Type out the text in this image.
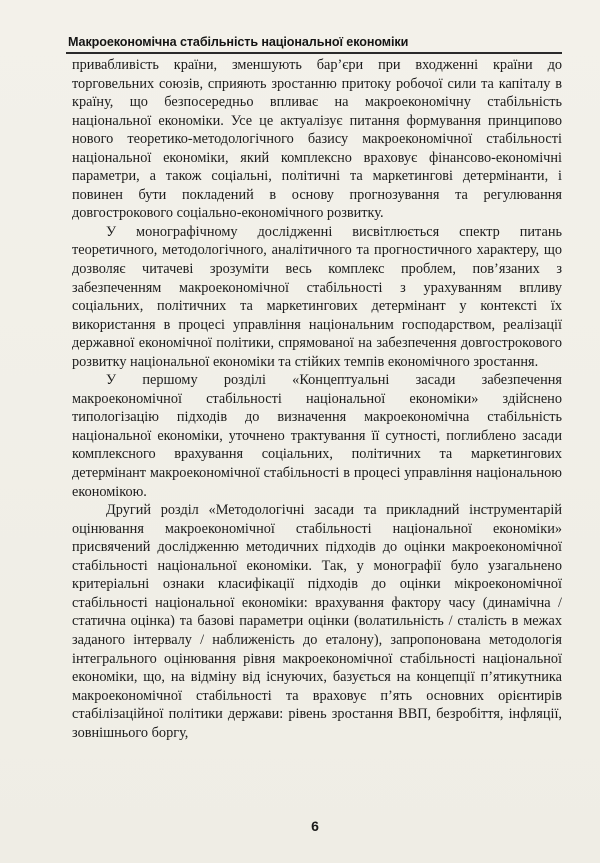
Макроекономічна стабільність національної економіки

привабливість країни, зменшують бар’єри при входженні країни до торговельних союзів, сприяють зростанню притоку робочої сили та капіталу в країну, що безпосередньо впливає на макроекономічну стабільність національної економіки. Усе це актуалізує питання формування принципово нового теоретико-методологічного базису макроекономічної стабільності національної економіки, який комплексно враховує фінансово-економічні параметри, а також соціальні, політичні та маркетингові детермінанти, і повинен бути покладений в основу прогнозування та регулювання довгострокового соціально-економічного розвитку.

У монографічному дослідженні висвітлюється спектр питань теоретичного, методологічного, аналітичного та прогностичного характеру, що дозволяє читачеві зрозуміти весь комплекс проблем, пов’язаних з забезпеченням макроекономічної стабільності з урахуванням впливу соціальних, політичних та маркетингових детермінант у контексті їх використання в процесі управління національним господарством, реалізації державної економічної політики, спрямованої на забезпечення довгострокового розвитку національної економіки та стійких темпів економічного зростання.

У першому розділі «Концептуальні засади забезпечення макроекономічної стабільності національної економіки» здійснено типологізацію підходів до визначення макроекономічна стабільність національної економіки, уточнено трактування її сутності, поглиблено засади комплексного врахування соціальних, політичних та маркетингових детермінант макроекономічної стабільності в процесі управління національною економікою.

Другий розділ «Методологічні засади та прикладний інструментарій оцінювання макроекономічної стабільності національної економіки» присвячений дослідженню методичних підходів до оцінки макроекономічної стабільності національної економіки. Так, у монографії було узагальнено критеріальні ознаки класифікації підходів до оцінки мікроекономічної стабільності національної економіки: врахування фактору часу (динамічна / статична оцінка) та базові параметри оцінки (волатильність / сталість в межах заданого інтервалу / наближеність до еталону), запропонована методологія інтегрального оцінювання рівня макроекономічної стабільності національної економіки, що, на відміну від існуючих, базується на концепції п’ятикутника макроекономічної стабільності та враховує п’ять основних орієнтирів стабілізаційної політики держави: рівень зростання ВВП, безробіття, інфляції, зовнішнього боргу,

6
